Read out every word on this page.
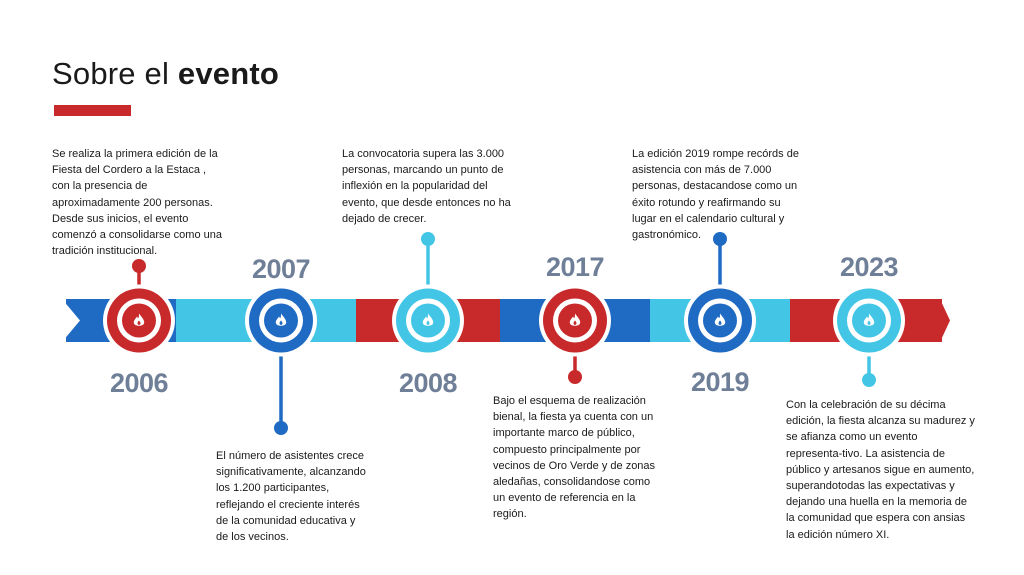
Sobre el evento
2006
2007
2008
2017
2019
2023

Se realiza la primera edición de la Fiesta del Cordero a la Estaca , con la presencia de aproximadamente 200 personas. Desde sus inicios, el evento comenzó a consolidarse como una tradición institucional.

El número de asistentes crece significativamente, alcanzando los 1.200 participantes, reflejando el creciente interés de la comunidad educativa y de los vecinos.

La convocatoria supera las 3.000 personas, marcando un punto de inflexión en la popularidad del evento, que desde entonces no ha dejado de crecer.

Bajo el esquema de realización bienal, la fiesta ya cuenta con un importante marco de público, compuesto principalmente por vecinos de Oro Verde y de zonas aledañas, consolidandose como un evento de referencia en la región.

La edición 2019 rompe recórds de asistencia con más de 7.000 personas, destacandose como un éxito rotundo y reafirmando su lugar en el calendario cultural y gastronómico.

Con la celebración de su décima edición, la fiesta alcanza su madurez y se afianza como un evento representa-tivo. La asistencia de público y artesanos sigue en aumento, superandotodas las expectativas y dejando una huella en la memoria de la comunidad que espera con ansias la edición número XI.
